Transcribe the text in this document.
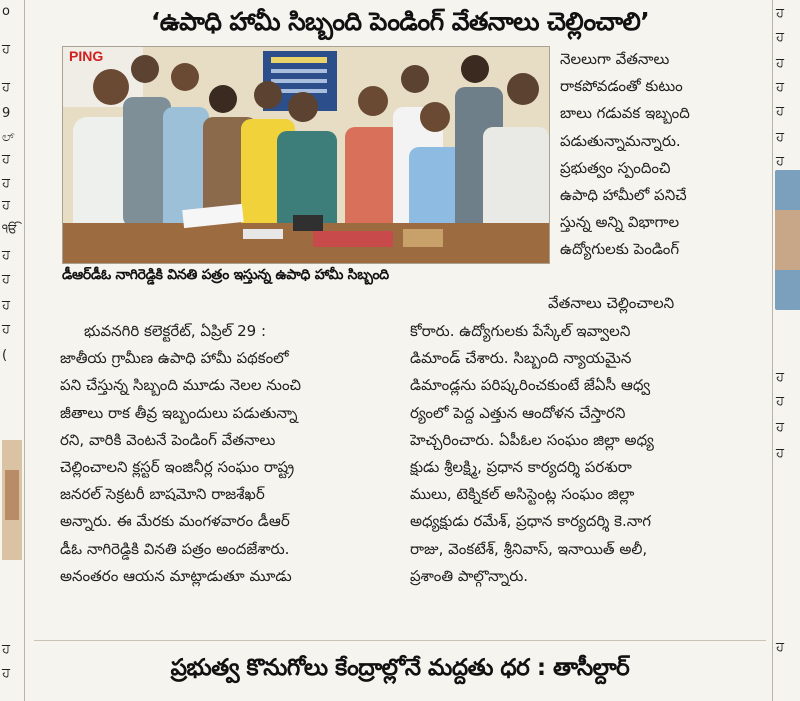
o
ਹ
ਹ
9
ಲ್
ਹ
ਹ
ਹ
ੴ
ਹ
ਹ
ਹ
ਹ
(
ਹ
ਹ
ਹ
ਹ
ਹ
ਹ
ਹ
ਹ
ਹ
ਹ
ਹ
ਹ
ਹ
ਹ
‘ఉపాధి హామీ సిబ్బంది పెండింగ్ వేతనాలు చెల్లించాలి’
PING
డీఆర్‌డీఓ నాగిరెడ్డికి వినతి పత్రం ఇస్తున్న ఉపాధి హామీ సిబ్బంది
నెలలుగా వేతనాలు
రాకపోవడంతో కుటుం
బాలు గడువక ఇబ్బంది
పడుతున్నామన్నారు.
ప్రభుత్వం స్పందించి
ఉపాధి హామీలో పనిచే
స్తున్న అన్ని విభాగాల
ఉద్యోగులకు పెండింగ్
వేతనాలు చెల్లించాలని
భువనగిరి కలెక్టరేట్, ఏప్రిల్ 29 :
జాతీయ గ్రామీణ ఉపాధి హామీ పథకంలో
పని చేస్తున్న సిబ్బంది మూడు నెలల నుంచి
జీతాలు రాక తీవ్ర ఇబ్బందులు పడుతున్నా
రని, వారికి వెంటనే పెండింగ్ వేతనాలు
చెల్లించాలని క్లస్టర్ ఇంజినీర్ల సంఘం రాష్ట్ర
జనరల్ సెక్రటరీ బాషమోని రాజశేఖర్
అన్నారు. ఈ మేరకు మంగళవారం డీఆర్
డీఓ నాగిరెడ్డికి వినతి పత్రం అందజేశారు.
అనంతరం ఆయన మాట్లాడుతూ మూడు
కోరారు. ఉద్యోగులకు పేస్కేల్ ఇవ్వాలని
డిమాండ్ చేశారు. సిబ్బంది న్యాయమైన
డిమాండ్లను పరిష్కరించకుంటే జేఏసీ ఆధ్వ
ర్యంలో పెద్ద ఎత్తున ఆందోళన చేస్తారని
హెచ్చరించారు. ఏపీఓల సంఘం జిల్లా అధ్య
క్షుడు శ్రీలక్ష్మి, ప్రధాన కార్యదర్శి పరశురా
ములు, టెక్నికల్ అసిస్టెంట్ల సంఘం జిల్లా
అధ్యక్షుడు రమేశ్, ప్రధాన కార్యదర్శి కె.నాగ
రాజు, వెంకటేశ్, శ్రీనివాస్, ఇనాయిత్ అలీ,
ప్రశాంతి పాల్గొన్నారు.
ప్రభుత్వ కొనుగోలు కేంద్రాల్లోనే మద్దతు ధర : తాసీల్దార్
